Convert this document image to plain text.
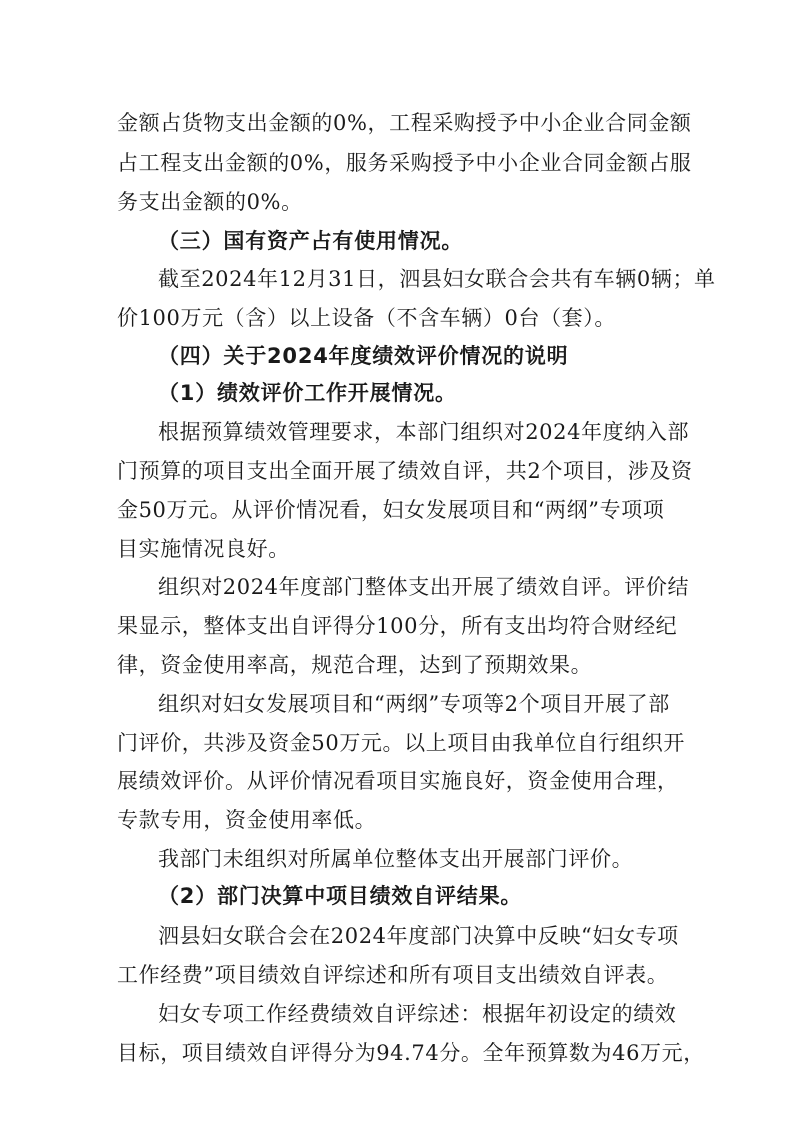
金额占货物支出金额的0%，工程采购授予中小企业合同金额
占工程支出金额的0%，服务采购授予中小企业合同金额占服
务支出金额的0%。
（三）国有资产占有使用情况。
截至2024年12月31日，泗县妇女联合会共有车辆0辆；单
价100万元（含）以上设备（不含车辆）0台（套）。
（四）关于2024年度绩效评价情况的说明
（1）绩效评价工作开展情况。
根据预算绩效管理要求，本部门组织对2024年度纳入部
门预算的项目支出全面开展了绩效自评，共2个项目，涉及资
金50万元。从评价情况看，妇女发展项目和“两纲”专项项
目实施情况良好。
组织对2024年度部门整体支出开展了绩效自评。评价结
果显示，整体支出自评得分100分，所有支出均符合财经纪
律，资金使用率高，规范合理，达到了预期效果。
组织对妇女发展项目和“两纲”专项等2个项目开展了部
门评价，共涉及资金50万元。以上项目由我单位自行组织开
展绩效评价。从评价情况看项目实施良好，资金使用合理，
专款专用，资金使用率低。
我部门未组织对所属单位整体支出开展部门评价。
（2）部门决算中项目绩效自评结果。
泗县妇女联合会在2024年度部门决算中反映“妇女专项
工作经费”项目绩效自评综述和所有项目支出绩效自评表。
妇女专项工作经费绩效自评综述：根据年初设定的绩效
目标，项目绩效自评得分为94.74分。全年预算数为46万元，
